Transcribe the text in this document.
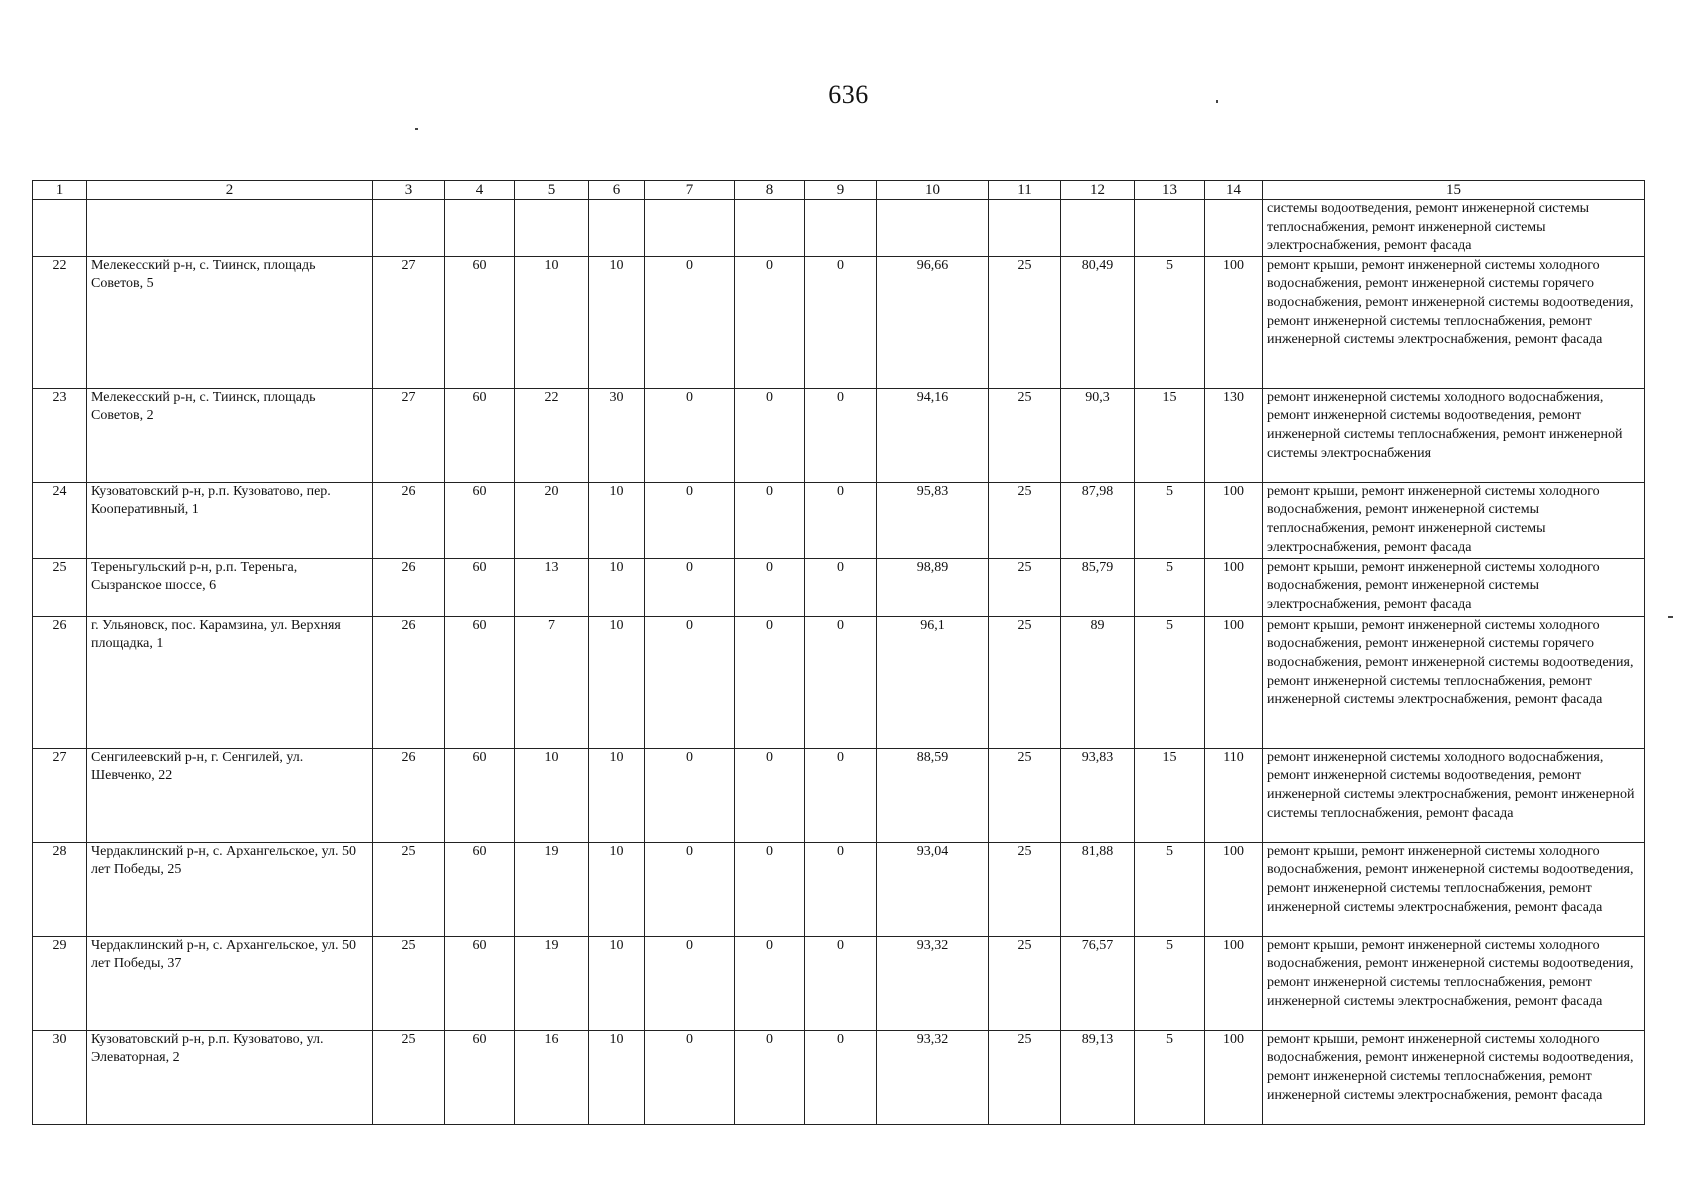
636
1	2	3	4	5	6	7	8	9	10	11	12	13	14	15
														системы водоотведения, ремонт инженерной системы теплоснабжения, ремонт инженерной системы электроснабжения, ремонт фасада
22	Мелекесский р-н, с. Тиинск, площадь Советов, 5	27	60	10	10	0	0	0	96,66	25	80,49	5	100	ремонт крыши, ремонт инженерной системы холодного водоснабжения, ремонт инженерной системы горячего водоснабжения, ремонт инженерной системы водоотведения, ремонт инженерной системы теплоснабжения, ремонт инженерной системы электроснабжения, ремонт фасада
23	Мелекесский р-н, с. Тиинск, площадь Советов, 2	27	60	22	30	0	0	0	94,16	25	90,3	15	130	ремонт инженерной системы холодного водоснабжения, ремонт инженерной системы водоотведения, ремонт инженерной системы теплоснабжения, ремонт инженерной системы электроснабжения
24	Кузоватовский р-н, р.п. Кузоватово, пер. Кооперативный, 1	26	60	20	10	0	0	0	95,83	25	87,98	5	100	ремонт крыши, ремонт инженерной системы холодного водоснабжения, ремонт инженерной системы теплоснабжения, ремонт инженерной системы электроснабжения, ремонт фасада
25	Тереньгульский р-н, р.п. Тереньга, Сызранское шоссе, 6	26	60	13	10	0	0	0	98,89	25	85,79	5	100	ремонт крыши, ремонт инженерной системы холодного водоснабжения, ремонт инженерной системы электроснабжения, ремонт фасада
26	г. Ульяновск, пос. Карамзина, ул. Верхняя площадка, 1	26	60	7	10	0	0	0	96,1	25	89	5	100	ремонт крыши, ремонт инженерной системы холодного водоснабжения, ремонт инженерной системы горячего водоснабжения, ремонт инженерной системы водоотведения, ремонт инженерной системы теплоснабжения, ремонт инженерной системы электроснабжения, ремонт фасада
27	Сенгилеевский р-н, г. Сенгилей, ул. Шевченко, 22	26	60	10	10	0	0	0	88,59	25	93,83	15	110	ремонт инженерной системы холодного водоснабжения, ремонт инженерной системы водоотведения, ремонт инженерной системы электроснабжения, ремонт инженерной системы теплоснабжения, ремонт фасада
28	Чердаклинский р-н, с. Архангельское, ул. 50 лет Победы, 25	25	60	19	10	0	0	0	93,04	25	81,88	5	100	ремонт крыши, ремонт инженерной системы холодного водоснабжения, ремонт инженерной системы водоотведения, ремонт инженерной системы теплоснабжения, ремонт инженерной системы электроснабжения, ремонт фасада
29	Чердаклинский р-н, с. Архангельское, ул. 50 лет Победы, 37	25	60	19	10	0	0	0	93,32	25	76,57	5	100	ремонт крыши, ремонт инженерной системы холодного водоснабжения, ремонт инженерной системы водоотведения, ремонт инженерной системы теплоснабжения, ремонт инженерной системы электроснабжения, ремонт фасада
30	Кузоватовский р-н, р.п. Кузоватово, ул. Элеваторная, 2	25	60	16	10	0	0	0	93,32	25	89,13	5	100	ремонт крыши, ремонт инженерной системы холодного водоснабжения, ремонт инженерной системы водоотведения, ремонт инженерной системы теплоснабжения, ремонт инженерной системы электроснабжения, ремонт фасада
